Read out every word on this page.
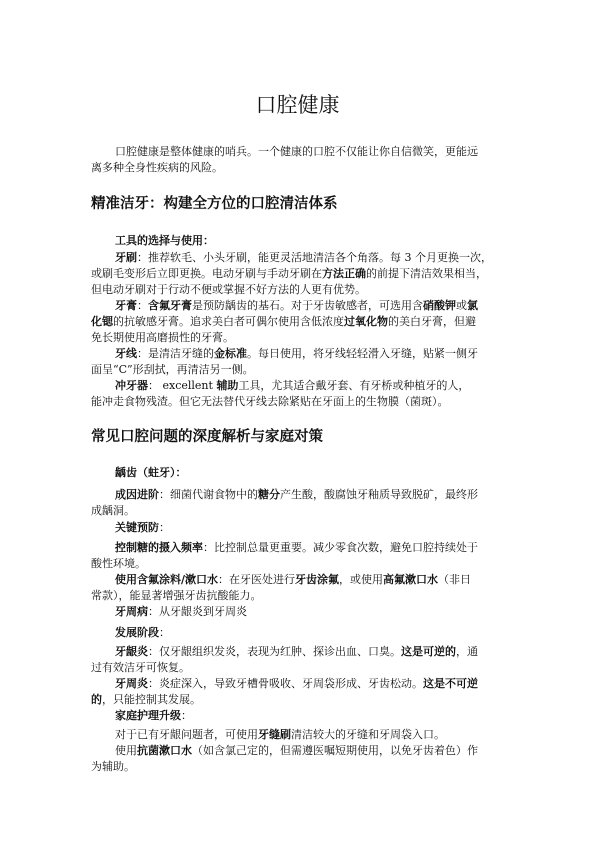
口腔健康

口腔健康是整体健康的哨兵。一个健康的口腔不仅能让你自信微笑，更能远

离多种全身性疾病的风险。

精准洁牙：构建全方位的口腔清洁体系

工具的选择与使用：

牙刷：推荐软毛、小头牙刷，能更灵活地清洁各个角落。每 3 个月更换一次，

或刷毛变形后立即更换。电动牙刷与手动牙刷在方法正确的前提下清洁效果相当，

但电动牙刷对于行动不便或掌握不好方法的人更有优势。

牙膏：含氟牙膏是预防龋齿的基石。对于牙齿敏感者，可选用含硝酸钾或氯

化锶的抗敏感牙膏。追求美白者可偶尔使用含低浓度过氧化物的美白牙膏，但避

免长期使用高磨损性的牙膏。

牙线：是清洁牙缝的金标准。每日使用，将牙线轻轻滑入牙缝，贴紧一侧牙

面呈“C”形刮拭，再清洁另一侧。

冲牙器： excellent 辅助工具，尤其适合戴牙套、有牙桥或种植牙的人，

能冲走食物残渣。但它无法替代牙线去除紧贴在牙面上的生物膜（菌斑）。

常见口腔问题的深度解析与家庭对策

龋齿（蛀牙）：

成因进阶：细菌代谢食物中的糖分产生酸，酸腐蚀牙釉质导致脱矿，最终形

成龋洞。

关键预防：

控制糖的摄入频率：比控制总量更重要。减少零食次数，避免口腔持续处于

酸性环境。

使用含氟涂料/漱口水：在牙医处进行牙齿涂氟，或使用高氟漱口水（非日

常款），能显著增强牙齿抗酸能力。

牙周病：从牙龈炎到牙周炎

发展阶段：

牙龈炎：仅牙龈组织发炎，表现为红肿、探诊出血、口臭。这是可逆的，通

过有效洁牙可恢复。

牙周炎：炎症深入，导致牙槽骨吸收、牙周袋形成、牙齿松动。这是不可逆

的，只能控制其发展。

家庭护理升级：

对于已有牙龈问题者，可使用牙缝刷清洁较大的牙缝和牙周袋入口。

使用抗菌漱口水（如含氯己定的，但需遵医嘱短期使用，以免牙齿着色）作

为辅助。
